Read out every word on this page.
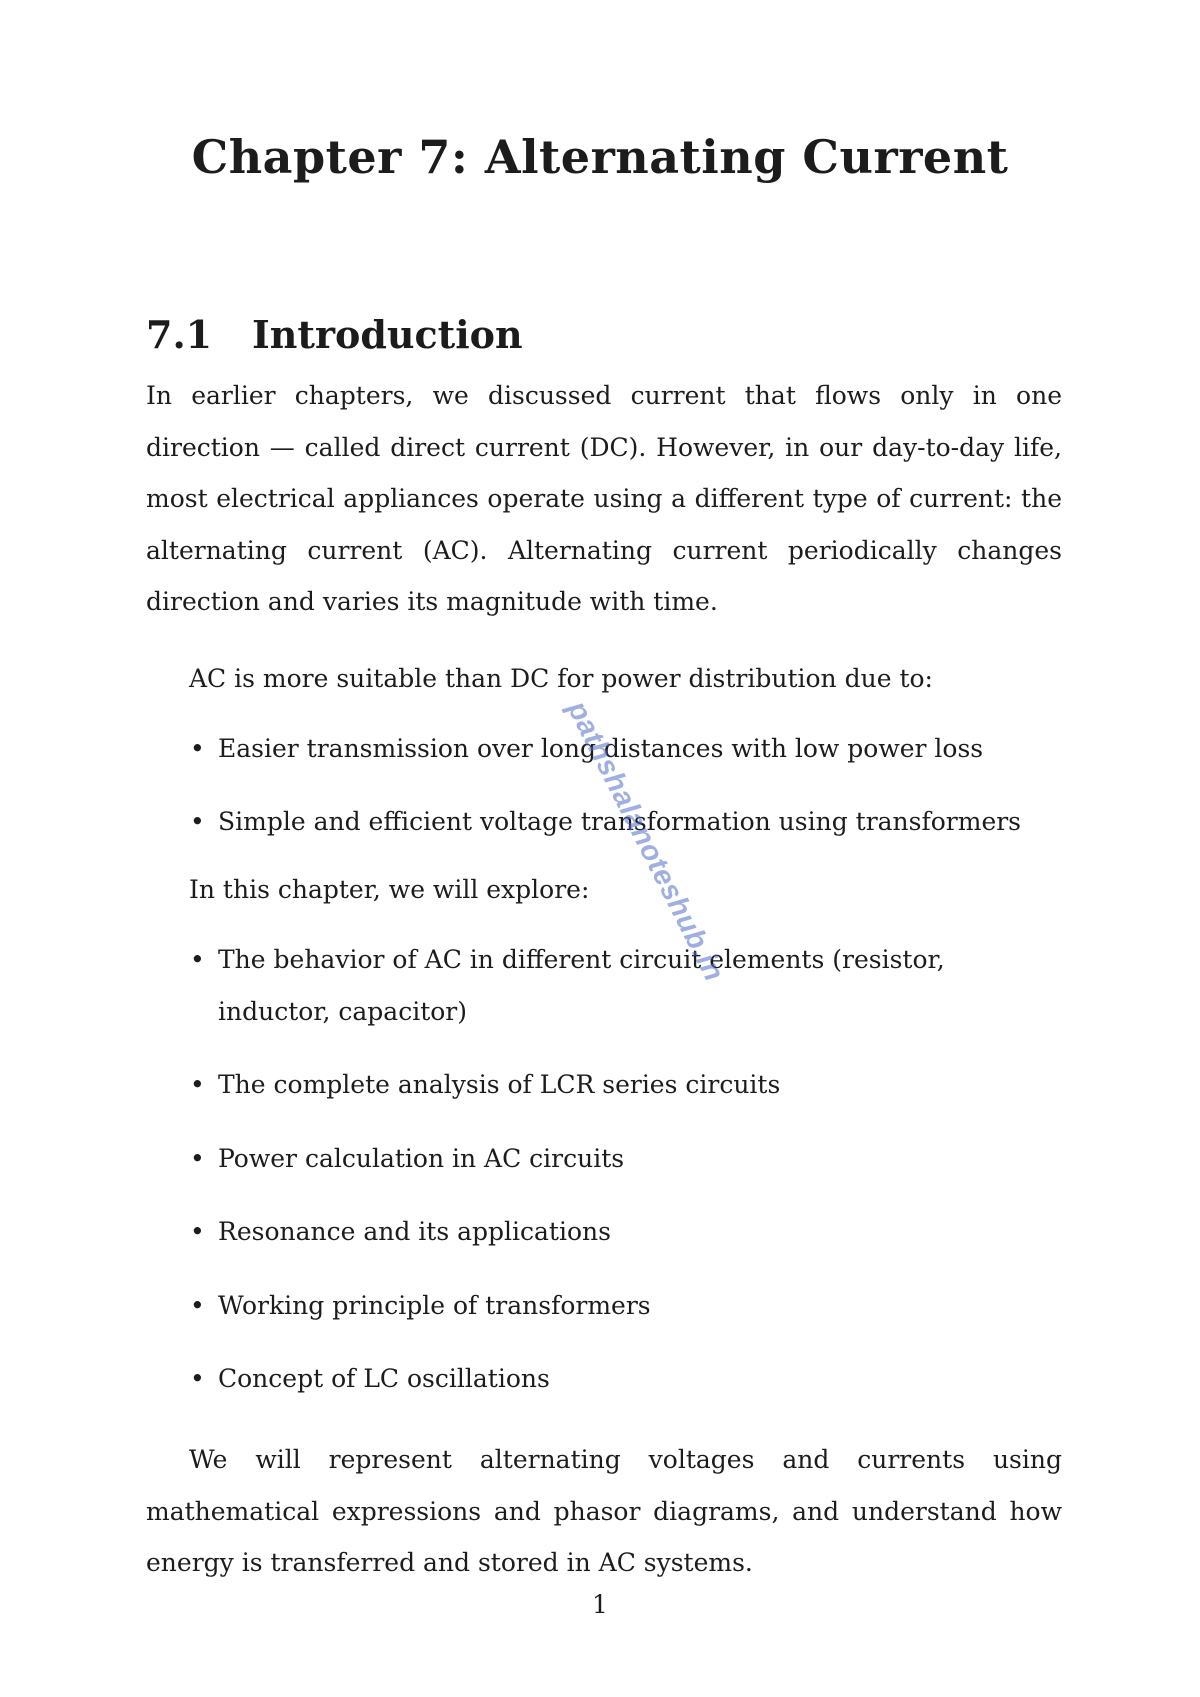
Chapter 7: Alternating Current
7.1 Introduction

In earlier chapters, we discussed current that flows only in one direction — called direct current (DC). However, in our day-to-day life, most electrical appliances operate using a different type of current: the alternating current (AC). Alternating current periodically changes direction and varies its magnitude with time.

AC is more suitable than DC for power distribution due to:

• Easier transmission over long distances with low power loss
• Simple and efficient voltage transformation using transformers

In this chapter, we will explore:

• The behavior of AC in different circuit elements (resistor, inductor, capacitor)
• The complete analysis of LCR series circuits
• Power calculation in AC circuits
• Resonance and its applications
• Working principle of transformers
• Concept of LC oscillations

We will represent alternating voltages and currents using mathematical expressions and phasor diagrams, and understand how energy is transferred and stored in AC systems.

1
pathshalanoteshub.in
